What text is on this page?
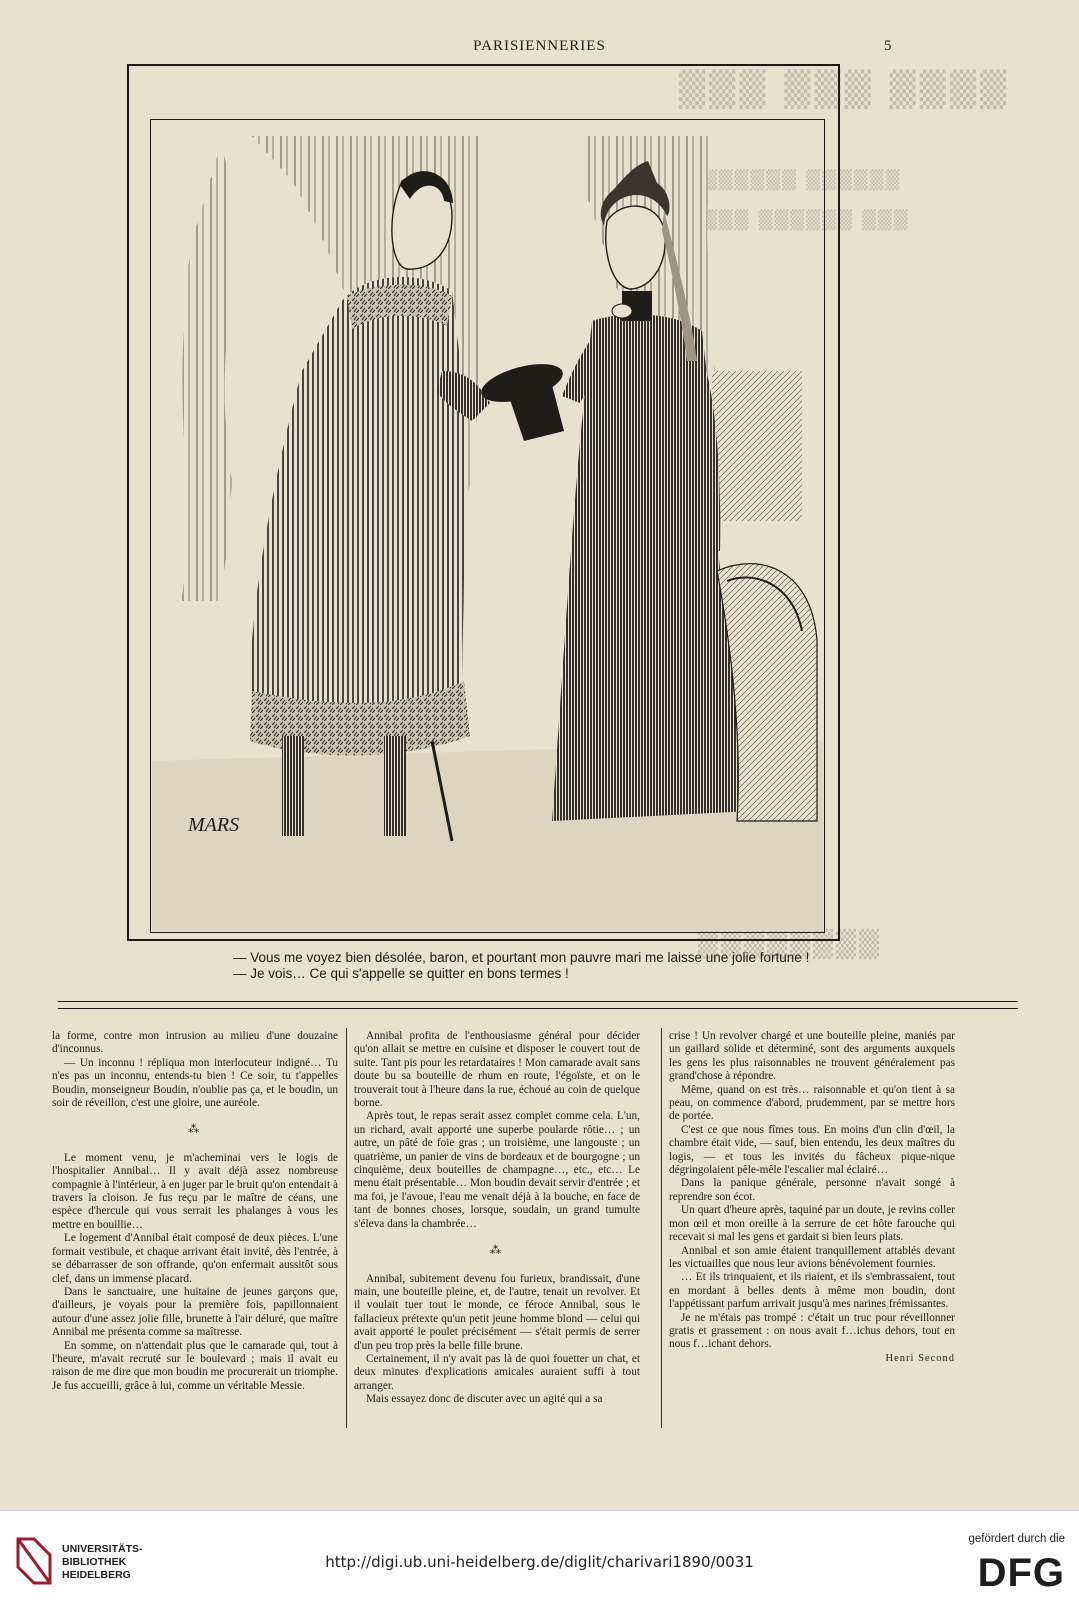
▒▒▒▒ ▒▒▒ ▒▒▒
▒▒▒▒▒▒ ▒▒▒▒▒▒▒
▒▒▒ ▒▒▒▒▒▒ ▒▒▒▒
▒▒▒▒▒▒▒▒
PARISIENNERIES	5
MARS

— Vous me voyez bien désolée, baron, et pourtant mon pauvre mari me laisse une jolie fortune !

— Je vois… Ce qui s'appelle se quitter en bons termes !

la forme, contre mon intrusion au milieu d'une douzaine d'inconnus.

— Un inconnu ! répliqua mon interlocuteur indigné… Tu n'es pas un inconnu, entends-tu bien ! Ce soir, tu t'appelles Boudin, monseigneur Boudin, n'oublie pas ça, et le boudin, un soir de réveillon, c'est une gloire, une auréole.

⁂

Le moment venu, je m'acheminai vers le logis de l'hospitalier Annibal… Il y avait déjà assez nombreuse compagnie à l'intérieur, à en juger par le bruit qu'on entendait à travers la cloison. Je fus reçu par le maître de céans, une espèce d'hercule qui vous serrait les phalanges à vous les mettre en bouillie…

Le logement d'Annibal était composé de deux pièces. L'une formait vestibule, et chaque arrivant était invité, dès l'entrée, à se débarrasser de son offrande, qu'on enfermait aussitôt sous clef, dans un immense placard.

Dans le sanctuaire, une huitaine de jeunes garçons que, d'ailleurs, je voyais pour la première fois, papillonnaient autour d'une assez jolie fille, brunette à l'air déluré, que maître Annibal me présenta comme sa maîtresse.

En somme, on n'attendait plus que le camarade qui, tout à l'heure, m'avait recruté sur le boulevard ; mais il avait eu raison de me dire que mon boudin me procurerait un triomphe. Je fus accueilli, grâce à lui, comme un véritable Messie.

Annibal profita de l'enthousiasme général pour décider qu'on allait se mettre en cuisine et disposer le couvert tout de suite. Tant pis pour les retardataires ! Mon camarade avait sans doute bu sa bouteille de rhum en route, l'égoïste, et on le trouverait tout à l'heure dans la rue, échoué au coin de quelque borne.

Après tout, le repas serait assez complet comme cela. L'un, un richard, avait apporté une superbe poularde rôtie… ; un autre, un pâté de foie gras ; un troisième, une langouste ; un quatrième, un panier de vins de bordeaux et de bourgogne ; un cinquième, deux bouteilles de champagne…, etc., etc… Le menu était présentable… Mon boudin devait servir d'entrée ; et ma foi, je l'avoue, l'eau me venait déjà à la bouche, en face de tant de bonnes choses, lorsque, soudain, un grand tumulte s'éleva dans la chambrée…

⁂

Annibal, subitement devenu fou furieux, brandissait, d'une main, une bouteille pleine, et, de l'autre, tenait un revolver. Et il voulait tuer tout le monde, ce féroce Annibal, sous le fallacieux prétexte qu'un petit jeune homme blond — celui qui avait apporté le poulet précisément — s'était permis de serrer d'un peu trop près la belle fille brune.

Certainement, il n'y avait pas là de quoi fouetter un chat, et deux minutes d'explications amicales auraient suffi à tout arranger.

Mais essayez donc de discuter avec un agité qui a sa

crise ! Un revolver chargé et une bouteille pleine, maniés par un gaillard solide et déterminé, sont des arguments auxquels les gens les plus raisonnables ne trouvent généralement pas grand'chose à répondre.

Même, quand on est très… raisonnable et qu'on tient à sa peau, on commence d'abord, prudemment, par se mettre hors de portée.

C'est ce que nous fîmes tous. En moins d'un clin d'œil, la chambre était vide, — sauf, bien entendu, les deux maîtres du logis, — et tous les invités du fâcheux pique-nique dégringolaient pêle-mêle l'escalier mal éclairé…

Dans la panique générale, personne n'avait songé à reprendre son écot.

Un quart d'heure après, taquiné par un doute, je revins coller mon œil et mon oreille à la serrure de cet hôte farouche qui recevait si mal les gens et gardait si bien leurs plats.

Annibal et son amie étaient tranquillement attablés devant les victuailles que nous leur avions bénévolement fournies.

… Et ils trinquaient, et ils riaient, et ils s'embrassaient, tout en mordant à belles dents à même mon boudin, dont l'appétissant parfum arrivait jusqu'à mes narines frémissantes.

Je ne m'étais pas trompé : c'était un truc pour réveillonner gratis et grassement : on nous avait f…ichus dehors, tout en nous f…ichant dehors.

Henri Second

UNIVERSITÄTS-
BIBLIOTHEK
HEIDELBERG
http://digi.ub.uni-heidelberg.de/diglit/charivari1890/0031
gefördert durch die
DFG
